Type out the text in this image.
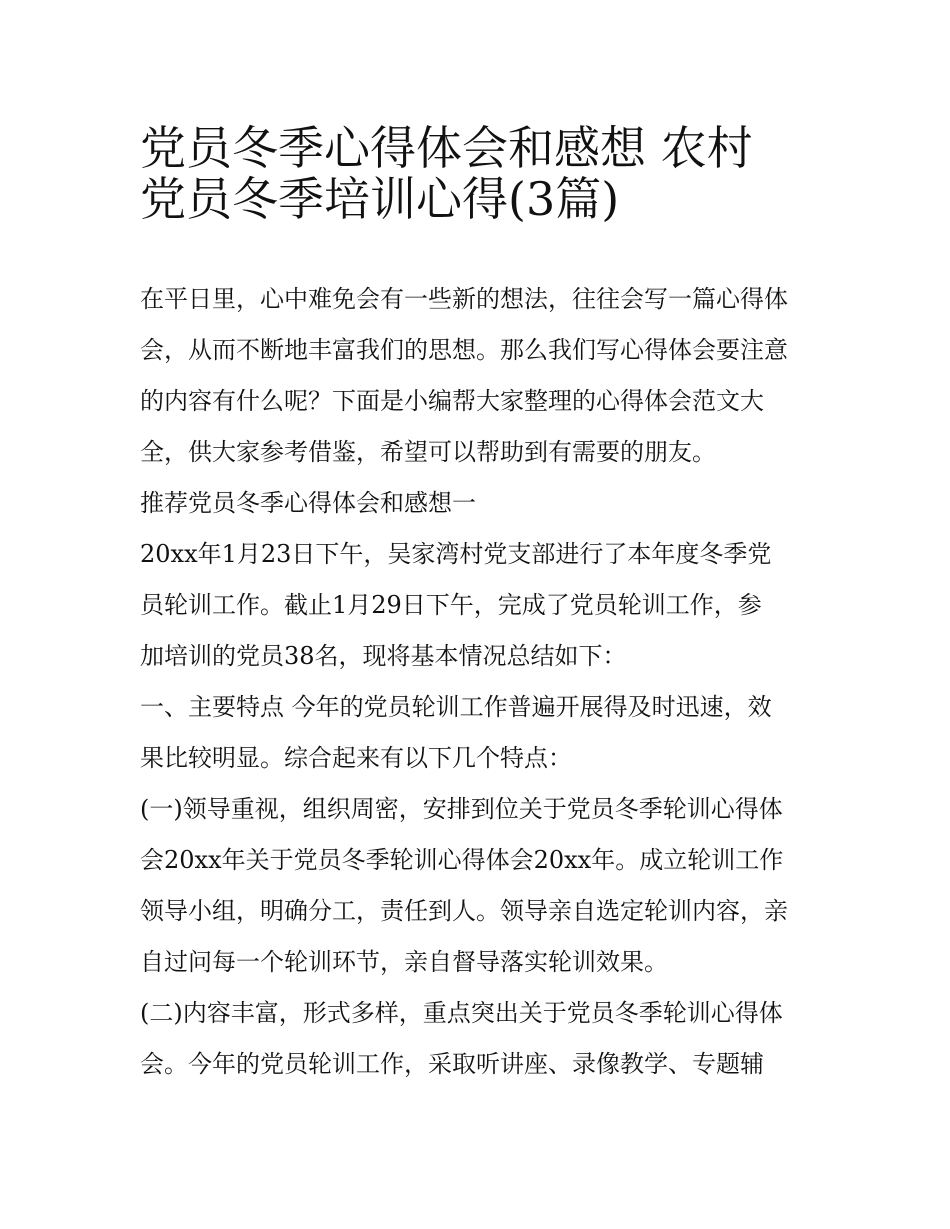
党员冬季心得体会和感想 农村
党员冬季培训心得(3篇)
在平日里，心中难免会有一些新的想法，往往会写一篇心得体
会，从而不断地丰富我们的思想。那么我们写心得体会要注意
的内容有什么呢？下面是小编帮大家整理的心得体会范文大
全，供大家参考借鉴，希望可以帮助到有需要的朋友。
推荐党员冬季心得体会和感想一
20xx年1月23日下午，吴家湾村党支部进行了本年度冬季党
员轮训工作。截止1月29日下午，完成了党员轮训工作，参
加培训的党员38名，现将基本情况总结如下：
一、主要特点 今年的党员轮训工作普遍开展得及时迅速，效
果比较明显。综合起来有以下几个特点：
(一)领导重视，组织周密，安排到位关于党员冬季轮训心得体
会20xx年关于党员冬季轮训心得体会20xx年。成立轮训工作
领导小组，明确分工，责任到人。领导亲自选定轮训内容，亲
自过问每一个轮训环节，亲自督导落实轮训效果。
(二)内容丰富，形式多样，重点突出关于党员冬季轮训心得体
会。今年的党员轮训工作，采取听讲座、录像教学、专题辅
